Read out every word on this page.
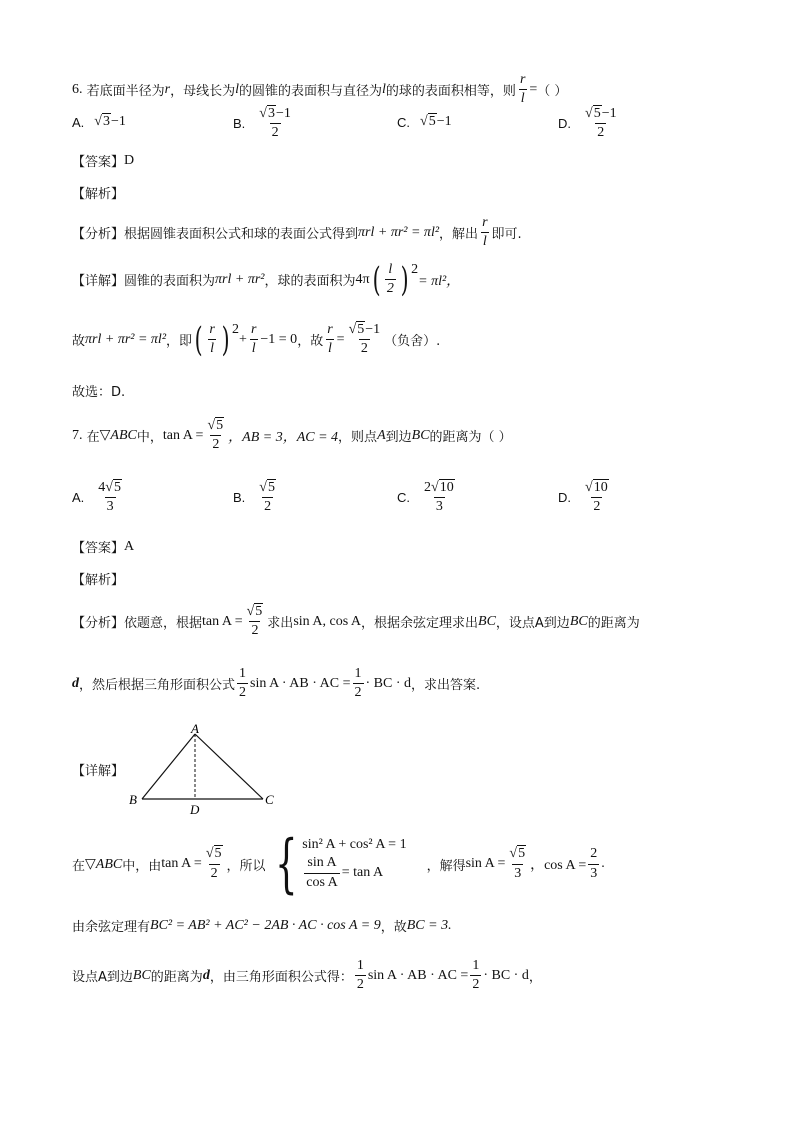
6.
若底面半径为 r ，母线长为 l 的圆锥的表面积与直径为 l 的球的表面积相等，则 $\frac{r}{l}$ = （ ）
A. √3 −1	B. $\frac{√3-1}{2}$	C. √5 −1	D. $\frac{√5-1}{2}$
【答案】 D
【解析】
【分析】 根据圆锥表面积公式和球的表面公式得到 πrl + πr² = πl² ，解出 $\frac{r}{l}$ 即可.
【详解】 圆锥的表面积为 πrl + πr² ，球的表面积为 4π ( $\frac{l}{2}$ ) 2
= πl²，
故 πrl + πr² = πl² ，即 ( $\frac{r}{l}$ ) 2
+ $\frac{r}{l} -1 = 0$ ，故 $\frac{r}{l} = \frac{√5-1}{2}$ （负舍）.
故选：D.
7.
在 ▽ABC 中， $\tan A = \frac{√5}{2}$ ，AB = 3，AC = 4 ，则点 A 到边 BC 的距离为（ ）
A. $\frac{4√5}{3}$	B. $\frac{√5}{2}$	C. $\frac{2√10}{3}$	D. $\frac{√10}{2}$
【答案】 A
【解析】
【分析】 依题意，根据 $\tan A = \frac{√5}{2}$ 求出 sin A, cos A ，根据余弦定理求出 BC ，设点A到边 BC 的距离为
d ，然后根据三角形面积公式 $\frac{1}{2}$ sin A · AB · AC = $\frac{1}{2}$ · BC · d ，求出答案.
【详解】
A
B	C
D
在 ▽ABC 中，由 $\tan A = \frac{√5}{2}$ ，所以 { sin² A + cos² A = 1
$\frac{\text{sin A}}{\text{cos A}} = \tan A$	，解得 $\sin A = \frac{√5}{3}$ ，$\cos A = \frac{2}{3}$ .
由余弦定理有 BC² = AB² + AC² − 2AB · AC · cos A = 9 ，故 BC = 3.
设点A到边 BC 的距离为 d ，由三角形面积公式得： $\frac{1}{2}$ sin A · AB · AC = $\frac{1}{2}$ · BC · d ，
